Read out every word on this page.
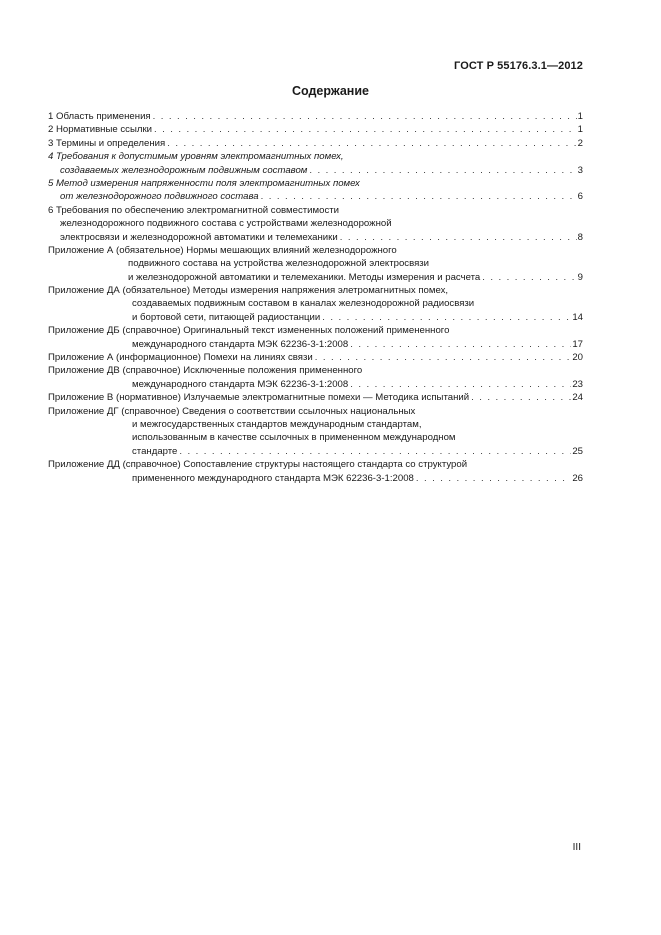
ГОСТ Р 55176.3.1—2012
Содержание
1 Область применения . . .	1
2 Нормативные ссылки . . .	1
3 Термины и определения . . .	2
4 Требования к допустимым уровням электромагнитных помех,
создаваемых железнодорожным подвижным составом . . .	3
5 Метод измерения напряженности поля электромагнитных помех
от железнодорожного подвижного состава . . .	6
6 Требования по обеспечению электромагнитной совместимости
железнодорожного подвижного состава с устройствами железнодорожной
электросвязи и железнодорожной автоматики и телемеханики . . .	8
Приложение А (обязательное) Нормы мешающих влияний железнодорожного
подвижного состава на устройства железнодорожной электросвязи
и железнодорожной автоматики и телемеханики. Методы измерения и расчета . . .	9
Приложение ДА (обязательное) Методы измерения напряжения элетромагнитных помех,
создаваемых подвижным составом в каналах железнодорожной радиосвязи
и бортовой сети, питающей радиостанции . . .	14
Приложение ДБ (справочное) Оригинальный текст измененных положений примененного
международного стандарта МЭК 62236-3-1:2008 . . .	17
Приложение А (информационное) Помехи на линиях связи . . .	20
Приложение ДВ (справочное) Исключенные положения примененного
международного стандарта МЭК 62236-3-1:2008 . . .	23
Приложение В (нормативное) Излучаемые электромагнитные помехи — Методика испытаний . . .	24
Приложение ДГ (справочное) Сведения о соответствии ссылочных национальных
и межгосударственных стандартов международным стандартам,
использованным в качестве ссылочных в примененном международном
стандарте . . .	25
Приложение ДД (справочное) Сопоставление структуры настоящего стандарта со структурой
примененного международного стандарта МЭК 62236-3-1:2008 . . .	26
III
